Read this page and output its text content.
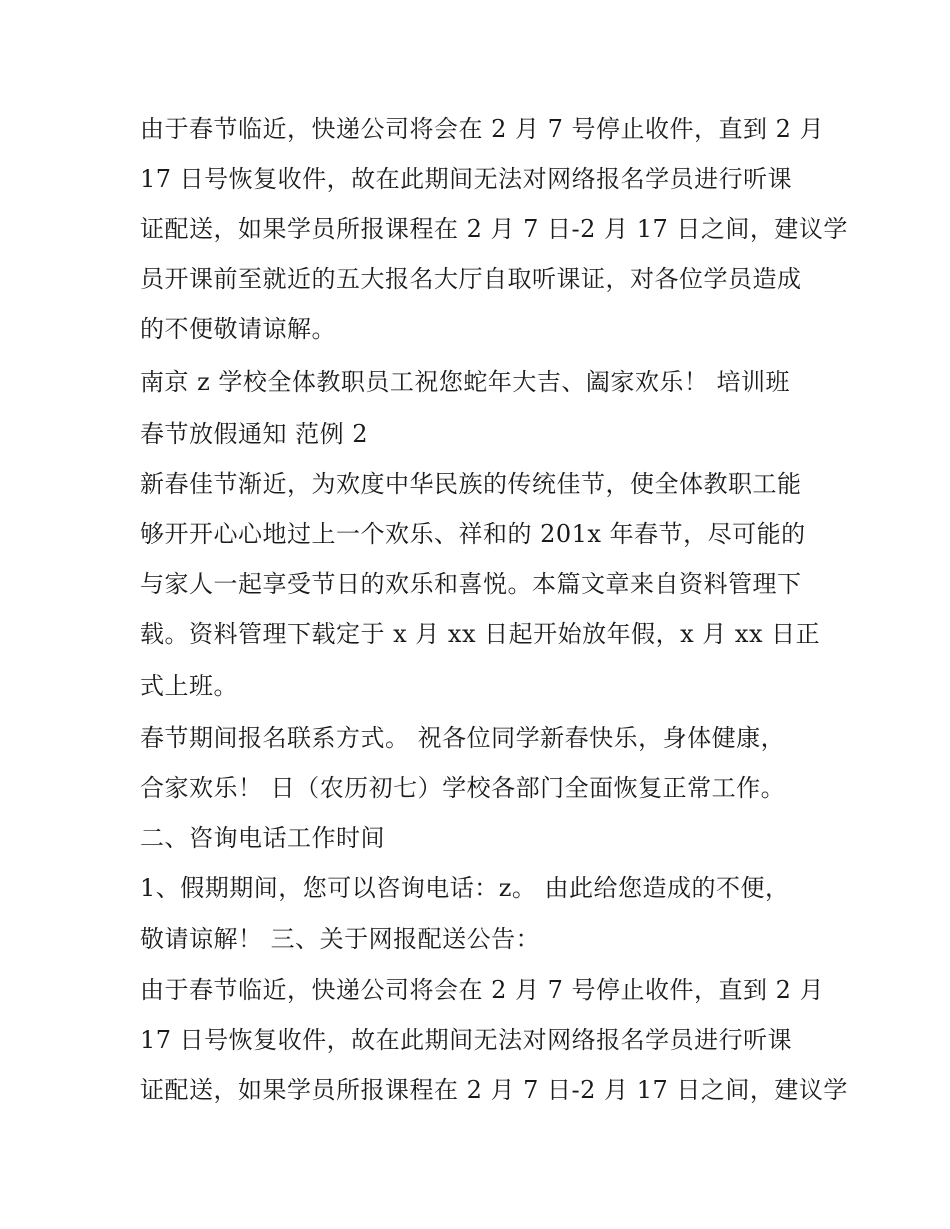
由于春节临近，快递公司将会在 2 月 7 号停止收件，直到 2 月
17 日号恢复收件，故在此期间无法对网络报名学员进行听课
证配送，如果学员所报课程在 2 月 7 日-2 月 17 日之间，建议学
员开课前至就近的五大报名大厅自取听课证，对各位学员造成
的不便敬请谅解。
南京 z 学校全体教职员工祝您蛇年大吉、阖家欢乐！ 培训班
春节放假通知 范例 2
新春佳节渐近，为欢度中华民族的传统佳节，使全体教职工能
够开开心心地过上一个欢乐、祥和的 201x 年春节，尽可能的
与家人一起享受节日的欢乐和喜悦。本篇文章来自资料管理下
载。资料管理下载定于 x 月 xx 日起开始放年假，x 月 xx 日正
式上班。
春节期间报名联系方式。 祝各位同学新春快乐，身体健康，
合家欢乐！ 日（农历初七）学校各部门全面恢复正常工作。
二、咨询电话工作时间
1、假期期间，您可以咨询电话：z。 由此给您造成的不便，
敬请谅解！ 三、关于网报配送公告：
由于春节临近，快递公司将会在 2 月 7 号停止收件，直到 2 月
17 日号恢复收件，故在此期间无法对网络报名学员进行听课
证配送，如果学员所报课程在 2 月 7 日-2 月 17 日之间，建议学
